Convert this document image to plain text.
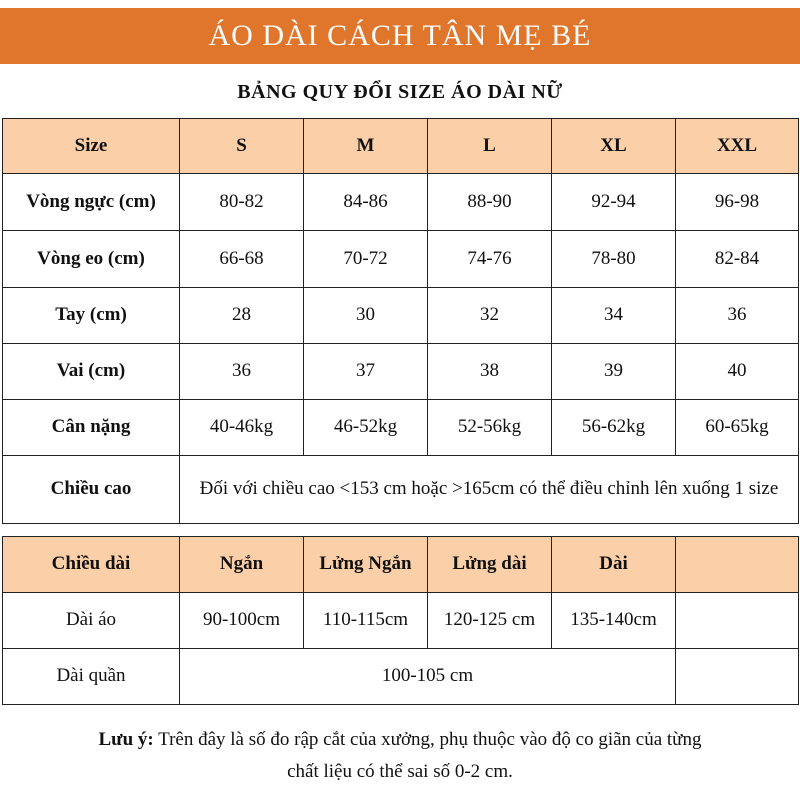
ÁO DÀI CÁCH TÂN MẸ BÉ
BẢNG QUY ĐỔI SIZE ÁO DÀI NỮ
Size	S	M	L	XL	XXL
Vòng ngực (cm)	80-82	84-86	88-90	92-94	96-98
Vòng eo (cm)	66-68	70-72	74-76	78-80	82-84
Tay (cm)	28	30	32	34	36
Vai (cm)	36	37	38	39	40
Cân nặng	40-46kg	46-52kg	52-56kg	56-62kg	60-65kg
Chiều cao	Đối với chiều cao <153 cm hoặc >165cm có thể điều chỉnh lên xuống 1 size				
Chiều dài	Ngắn	Lửng Ngắn	Lửng dài	Dài	
Dài áo	90-100cm	110-115cm	120-125 cm	135-140cm	
Dài quần	100-105 cm				
Lưu ý: Trên đây là số đo rập cắt của xưởng, phụ thuộc vào độ co giãn của từng
chất liệu có thể sai số 0-2 cm.
